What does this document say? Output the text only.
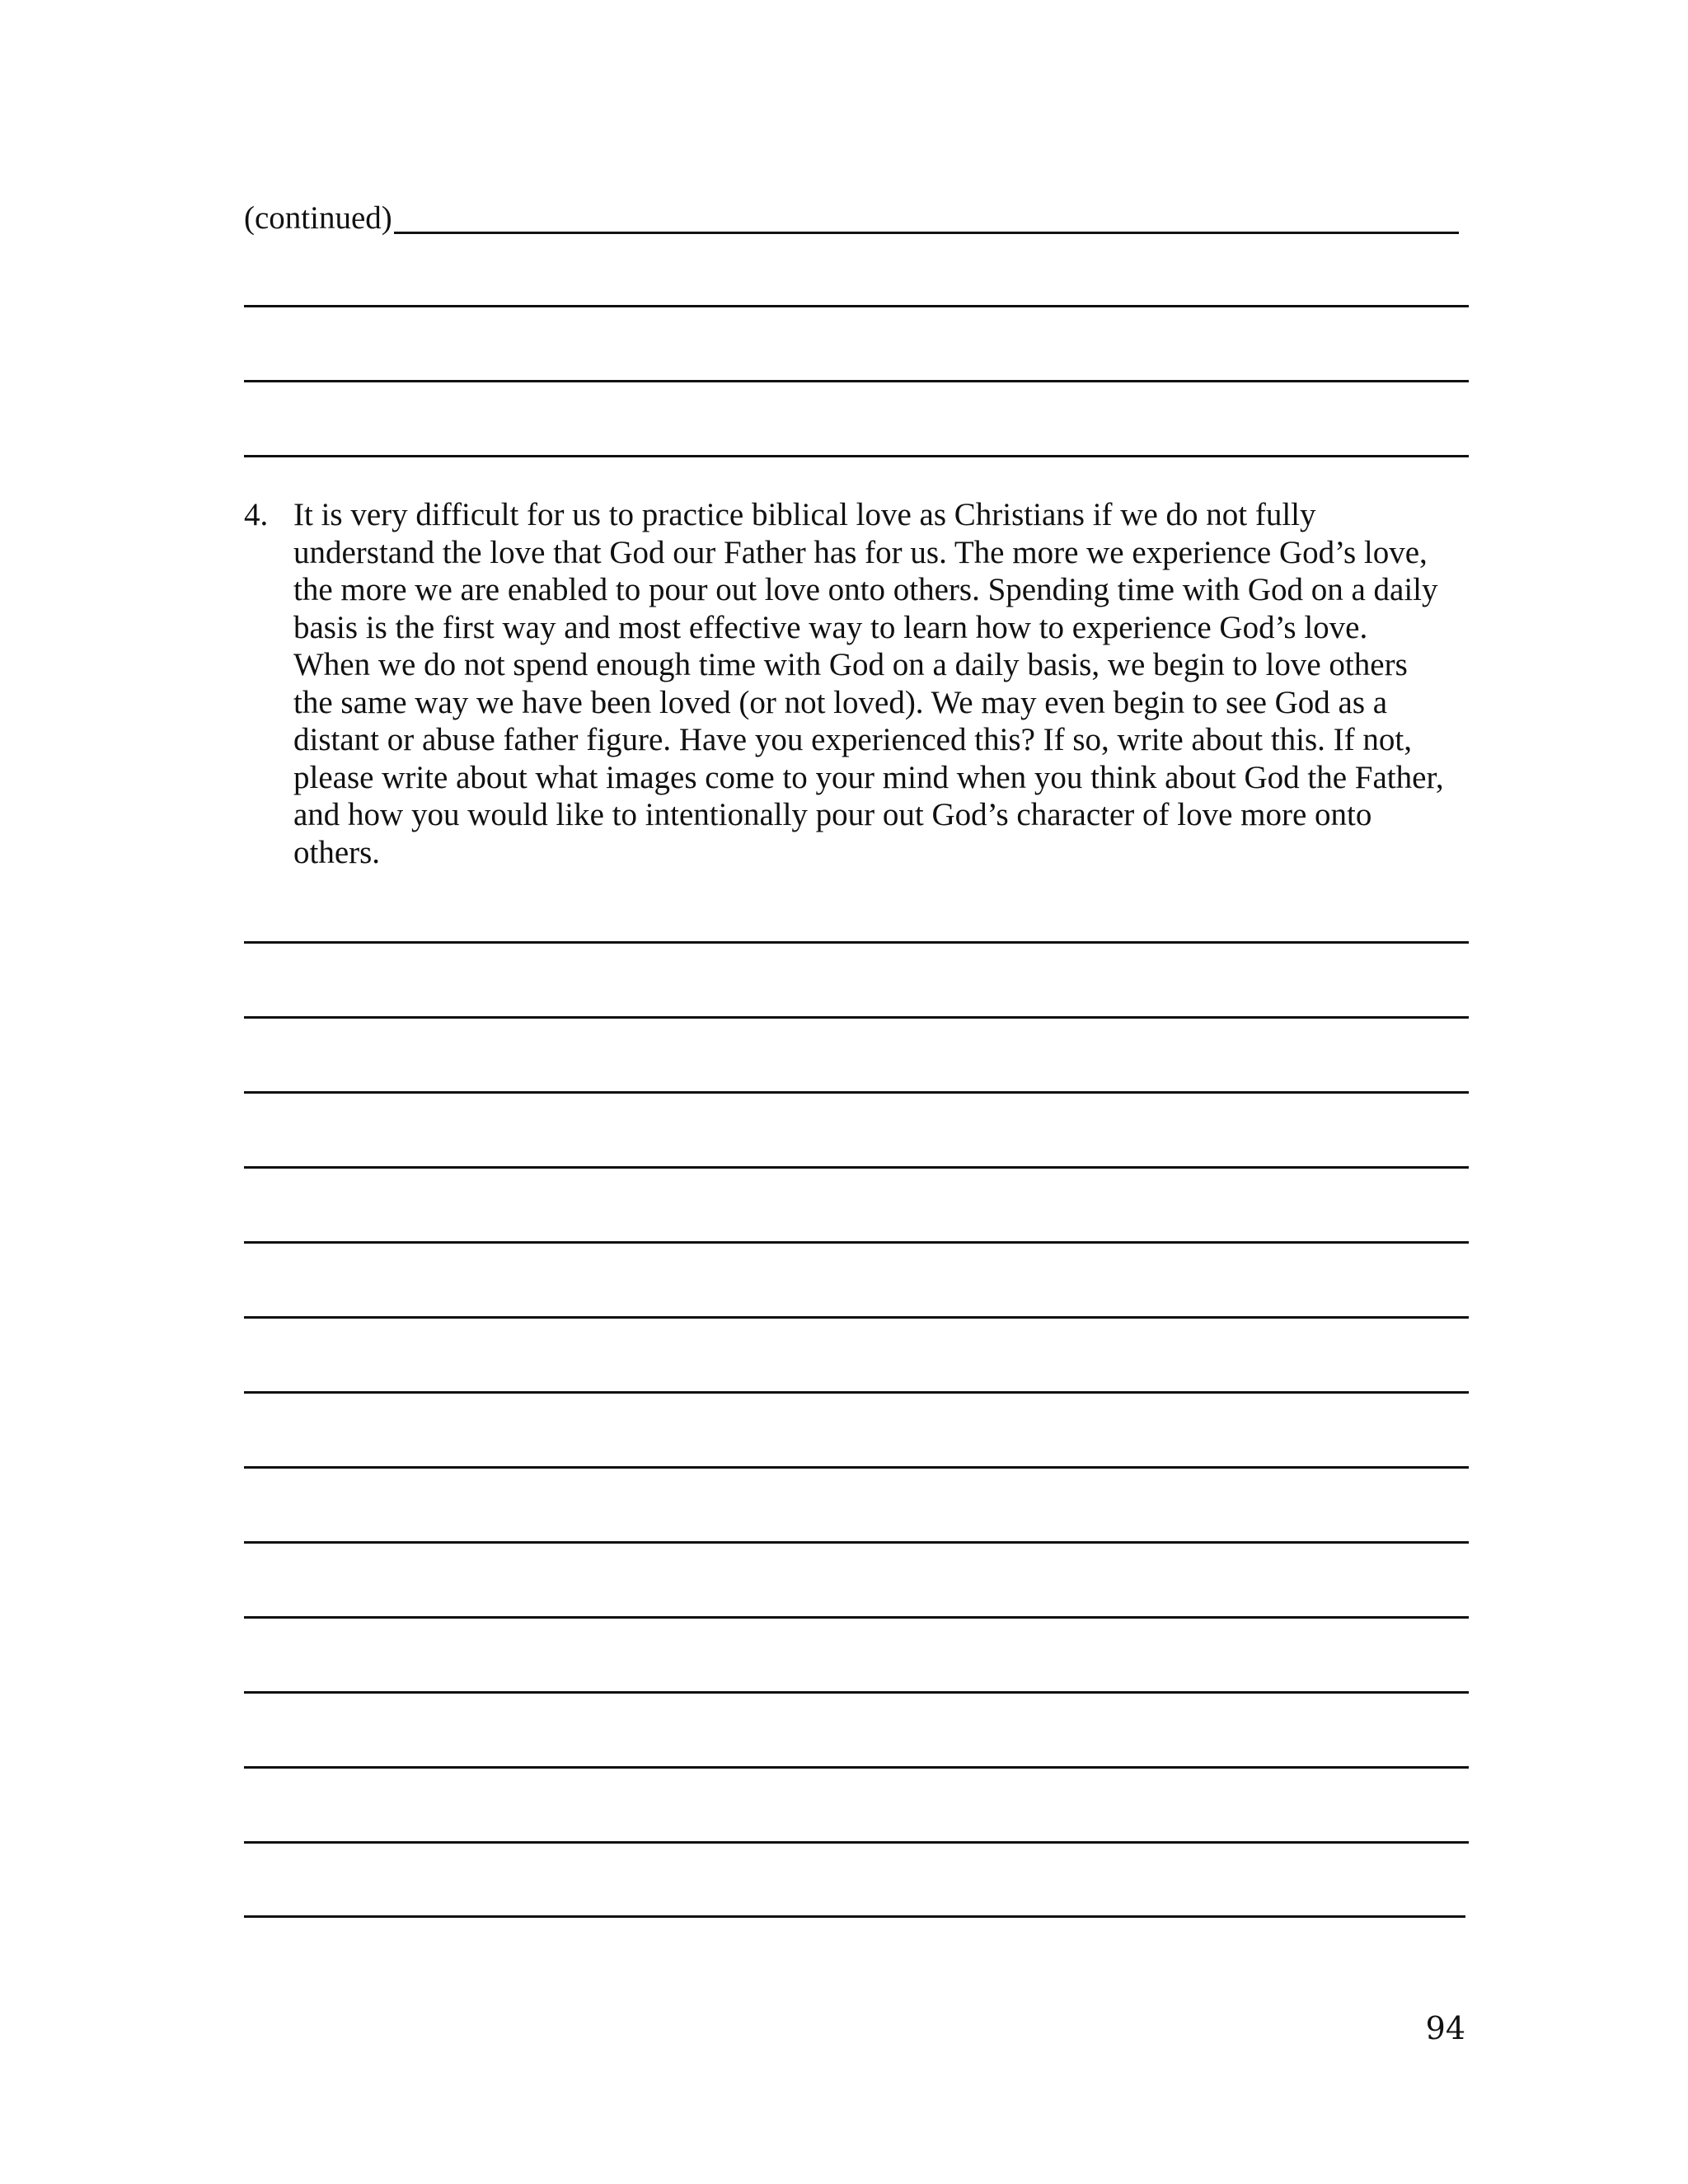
(continued)
4. It is very difficult for us to practice biblical love as Christians if we do not fully
understand the love that God our Father has for us. The more we experience God’s love,
the more we are enabled to pour out love onto others. Spending time with God on a daily
basis is the first way and most effective way to learn how to experience God’s love.
When we do not spend enough time with God on a daily basis, we begin to love others
the same way we have been loved (or not loved). We may even begin to see God as a
distant or abuse father figure. Have you experienced this? If so, write about this. If not,
please write about what images come to your mind when you think about God the Father,
and how you would like to intentionally pour out God’s character of love more onto
others.
94
